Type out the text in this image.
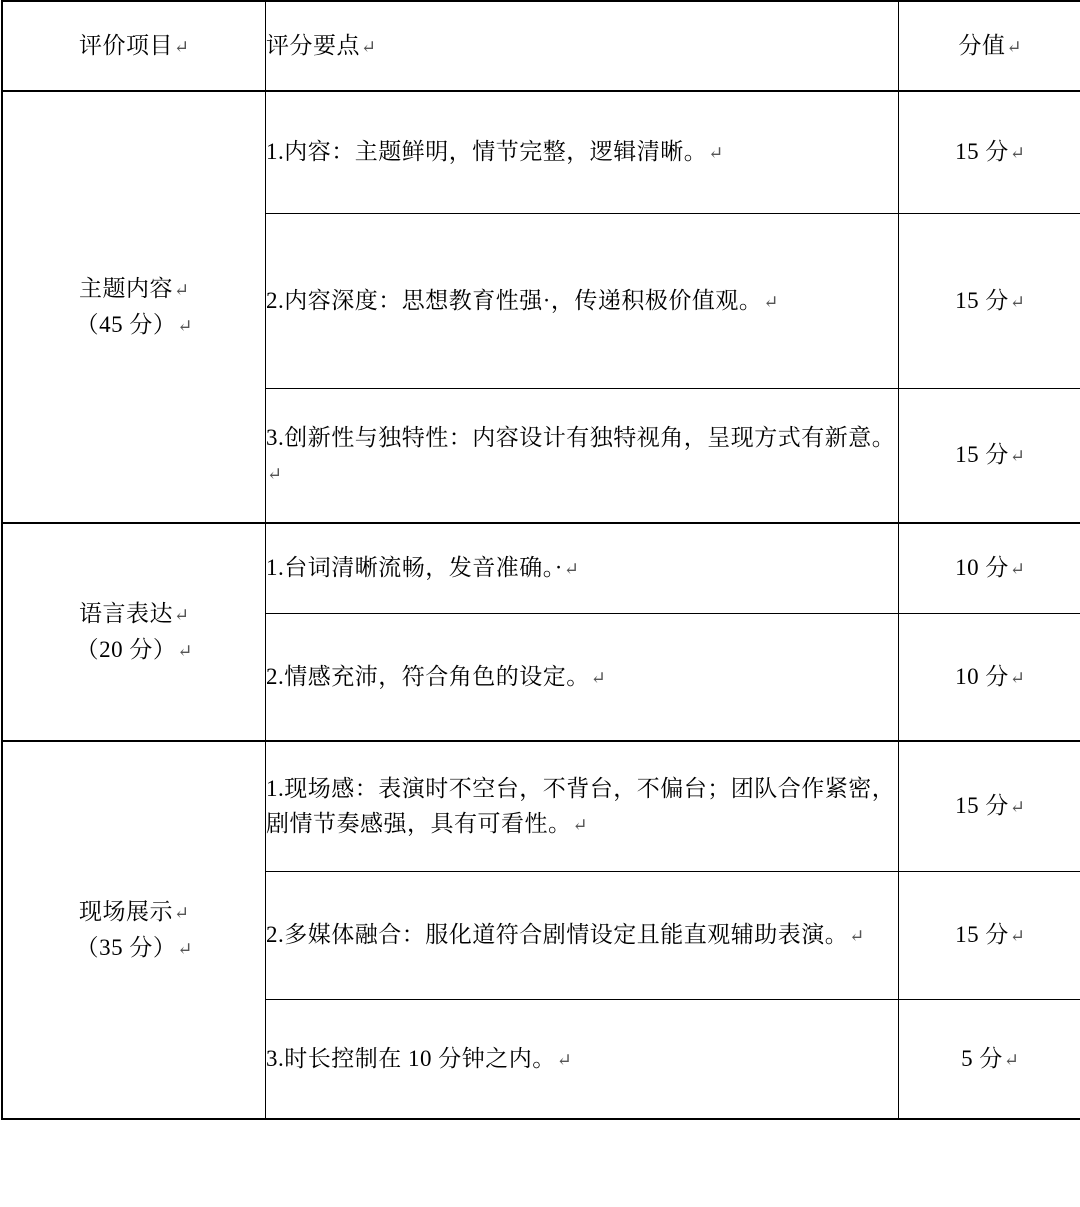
评价项目↵	评分要点↵	分值↵

主题内容↵
（45 分）↵	1.内容：主题鲜明，情节完整，逻辑清晰。↵	15 分↵
	2.内容深度：思想教育性强·，传递积极价值观。↵	15 分↵
	3.创新性与独特性：内容设计有独特视角，呈现方式有新意。↵	15 分↵

语言表达↵
（20 分）↵	1.台词清晰流畅，发音准确。·↵	10 分↵
	2.情感充沛，符合角色的设定。↵	10 分↵

现场展示↵
（35 分）↵	1.现场感：表演时不空台，不背台，不偏台；团队合作紧密，剧情节奏感强，具有可看性。↵	15 分↵
	2.多媒体融合：服化道符合剧情设定且能直观辅助表演。↵	15 分↵
	3.时长控制在 10 分钟之内。↵	5 分↵
